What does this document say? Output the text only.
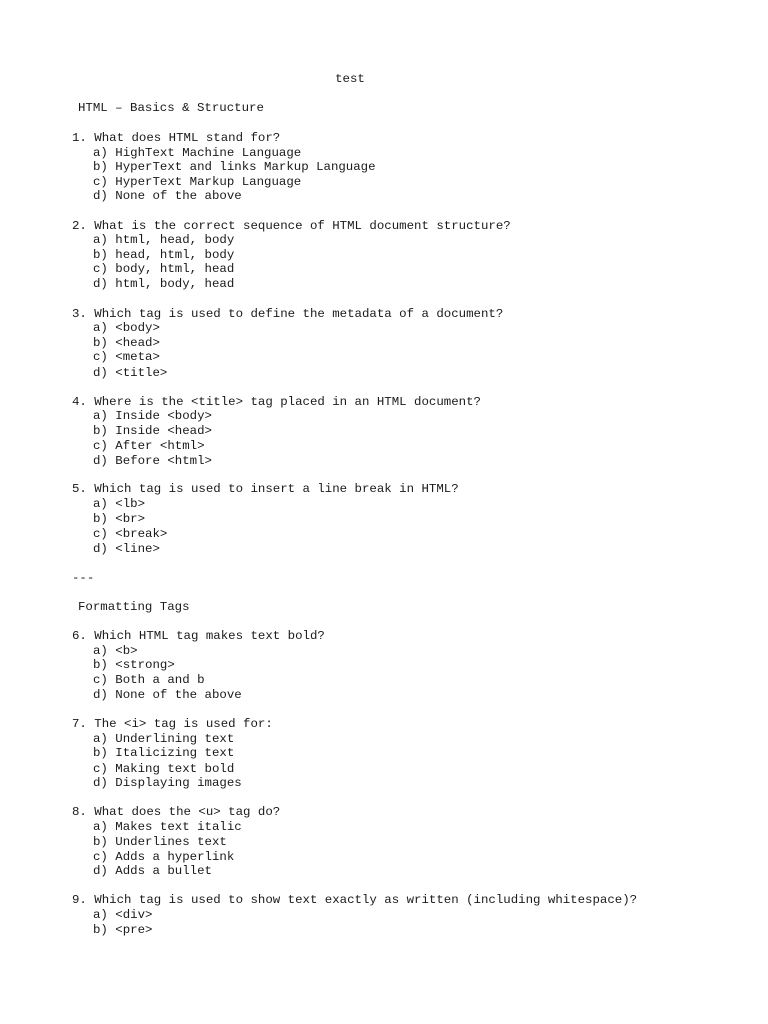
test
HTML – Basics & Structure
1. What does HTML stand for?
a) HighText Machine Language
b) HyperText and links Markup Language
c) HyperText Markup Language
d) None of the above
2. What is the correct sequence of HTML document structure?
a) html, head, body
b) head, html, body
c) body, html, head
d) html, body, head
3. Which tag is used to define the metadata of a document?
a) <body>
b) <head>
c) <meta>
d) <title>
4. Where is the <title> tag placed in an HTML document?
a) Inside <body>
b) Inside <head>
c) After <html>
d) Before <html>
5. Which tag is used to insert a line break in HTML?
a) <lb>
b) <br>
c) <break>
d) <line>
---
Formatting Tags
6. Which HTML tag makes text bold?
a) <b>
b) <strong>
c) Both a and b
d) None of the above
7. The <i> tag is used for:
a) Underlining text
b) Italicizing text
c) Making text bold
d) Displaying images
8. What does the <u> tag do?
a) Makes text italic
b) Underlines text
c) Adds a hyperlink
d) Adds a bullet
9. Which tag is used to show text exactly as written (including whitespace)?
a) <div>
b) <pre>
